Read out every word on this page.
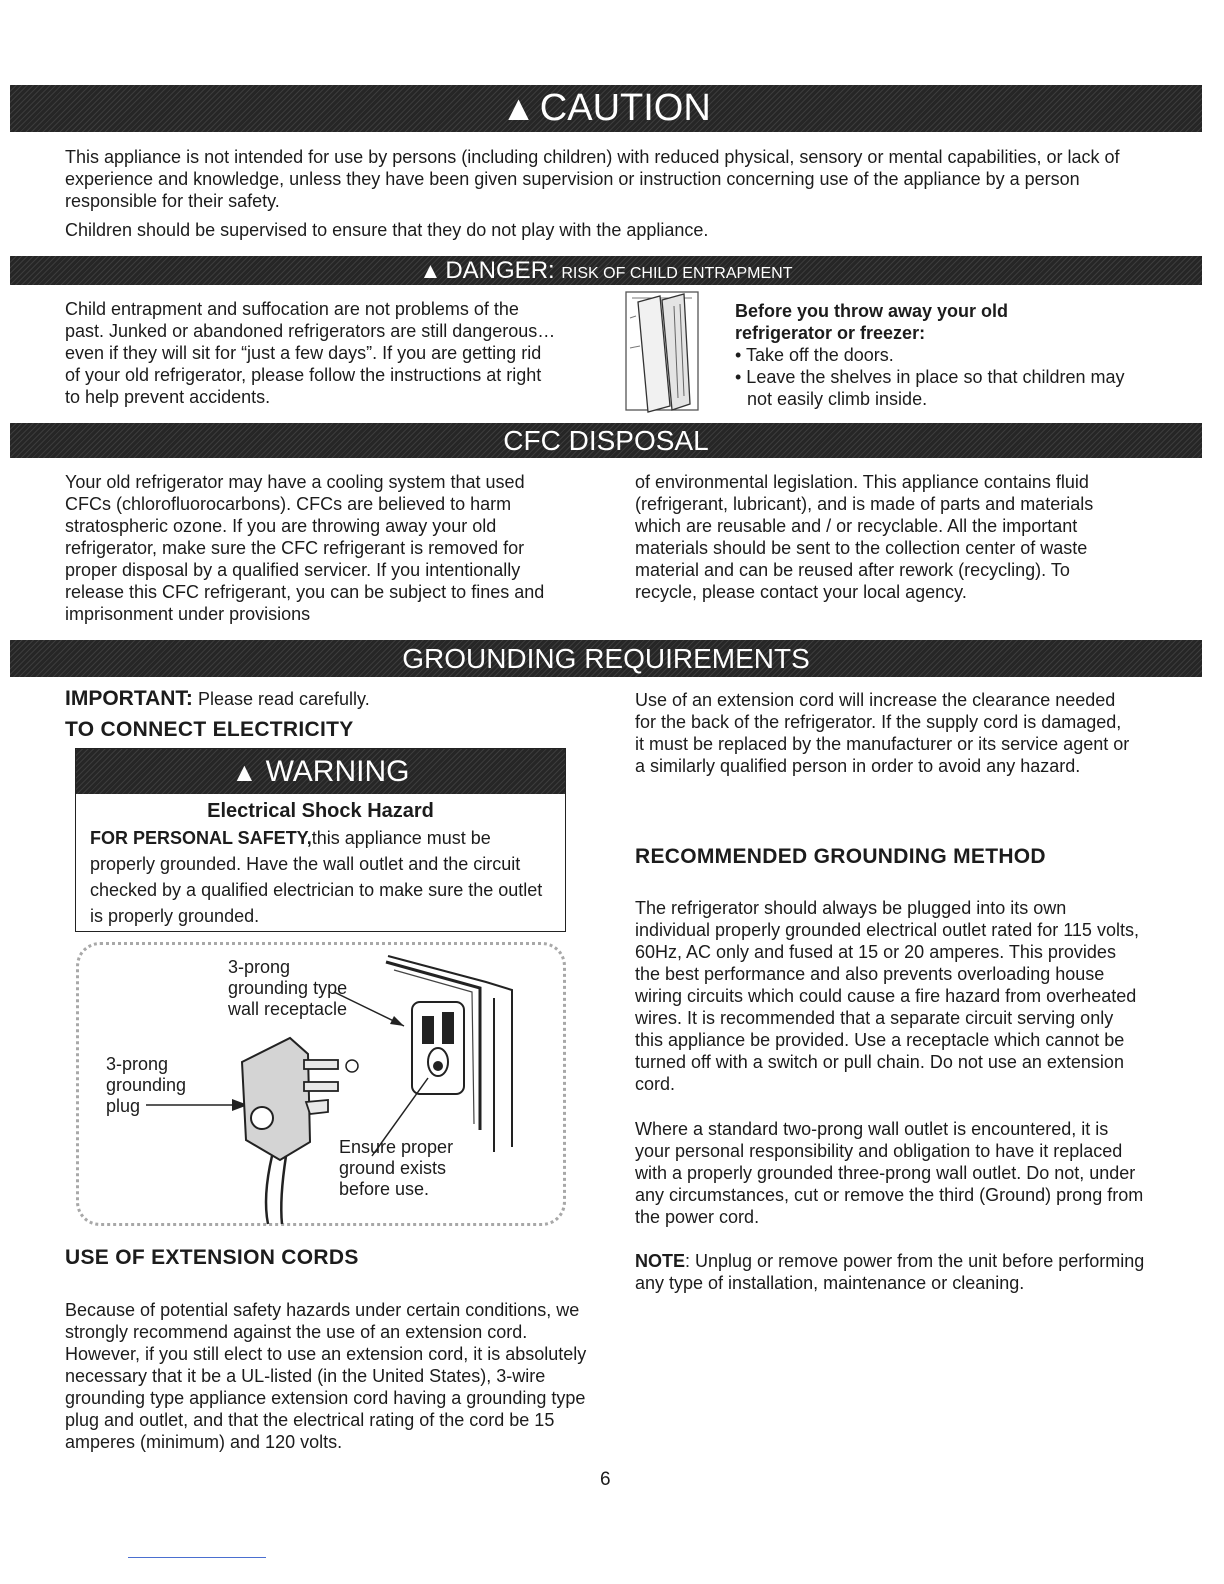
▲ CAUTION

This appliance is not intended for use by persons (including children) with reduced physical, sensory or mental capabilities, or lack of experience and knowledge, unless they have been given supervision or instruction concerning use of the appliance by a person responsible for their safety.

Children should be supervised to ensure that they do not play with the appliance.

▲ DANGER: RISK OF CHILD ENTRAPMENT

Child entrapment and suffocation are not problems of the past. Junked or abandoned refrigerators are still dangerous… even if they will sit for “just a few days”. If you are getting rid of your old refrigerator, please follow the instructions at right to help prevent accidents.

Before you throw away your old refrigerator or freezer:
• Take off the doors.
• Leave the shelves in place so that children may not easily climb inside.
CFC DISPOSAL

Your old refrigerator may have a cooling system that used CFCs (chlorofluorocarbons). CFCs are believed to harm stratospheric ozone. If you are throwing away your old refrigerator, make sure the CFC refrigerant is removed for proper disposal by a qualified servicer. If you intentionally release this CFC refrigerant, you can be subject to fines and imprisonment under provisions

of environmental legislation. This appliance contains fluid (refrigerant, lubricant), and is made of parts and materials which are reusable and / or recyclable. All the important materials should be sent to the collection center of waste material and can be reused after rework (recycling). To recycle, please contact your local agency.

GROUNDING REQUIREMENTS
IMPORTANT: Please read carefully.
TO CONNECT ELECTRICITY
▲ WARNING
Electrical Shock Hazard

FOR PERSONAL SAFETY,this appliance must be properly grounded. Have the wall outlet and the circuit checked by a qualified electrician to make sure the outlet is properly grounded.

3-prong
grounding type
wall receptacle
3-prong
grounding
plug
Ensure proper
ground exists
before use.
USE OF EXTENSION CORDS

Because of potential safety hazards under certain conditions, we strongly recommend against the use of an extension cord. However, if you still elect to use an extension cord, it is absolutely necessary that it be a UL-listed (in the United States), 3-wire grounding type appliance extension cord having a grounding type plug and outlet, and that the electrical rating of the cord be 15 amperes (minimum) and 120 volts.

Use of an extension cord will increase the clearance needed for the back of the refrigerator. If the supply cord is damaged, it must be replaced by the manufacturer or its service agent or a similarly qualified person in order to avoid any hazard.

RECOMMENDED GROUNDING METHOD

The refrigerator should always be plugged into its own individual properly grounded electrical outlet rated for 115 volts, 60Hz, AC only and fused at 15 or 20 amperes. This provides the best performance and also prevents overloading house wiring circuits which could cause a fire hazard from overheated wires. It is recommended that a separate circuit serving only this appliance be provided. Use a receptacle which cannot be turned off with a switch or pull chain. Do not use an extension cord.

Where a standard two-prong wall outlet is encountered, it is your personal responsibility and obligation to have it replaced with a properly grounded three-prong wall outlet. Do not, under any circumstances, cut or remove the third (Ground) prong from the power cord.

NOTE: Unplug or remove power from the unit before performing any type of installation, maintenance or cleaning.
6
